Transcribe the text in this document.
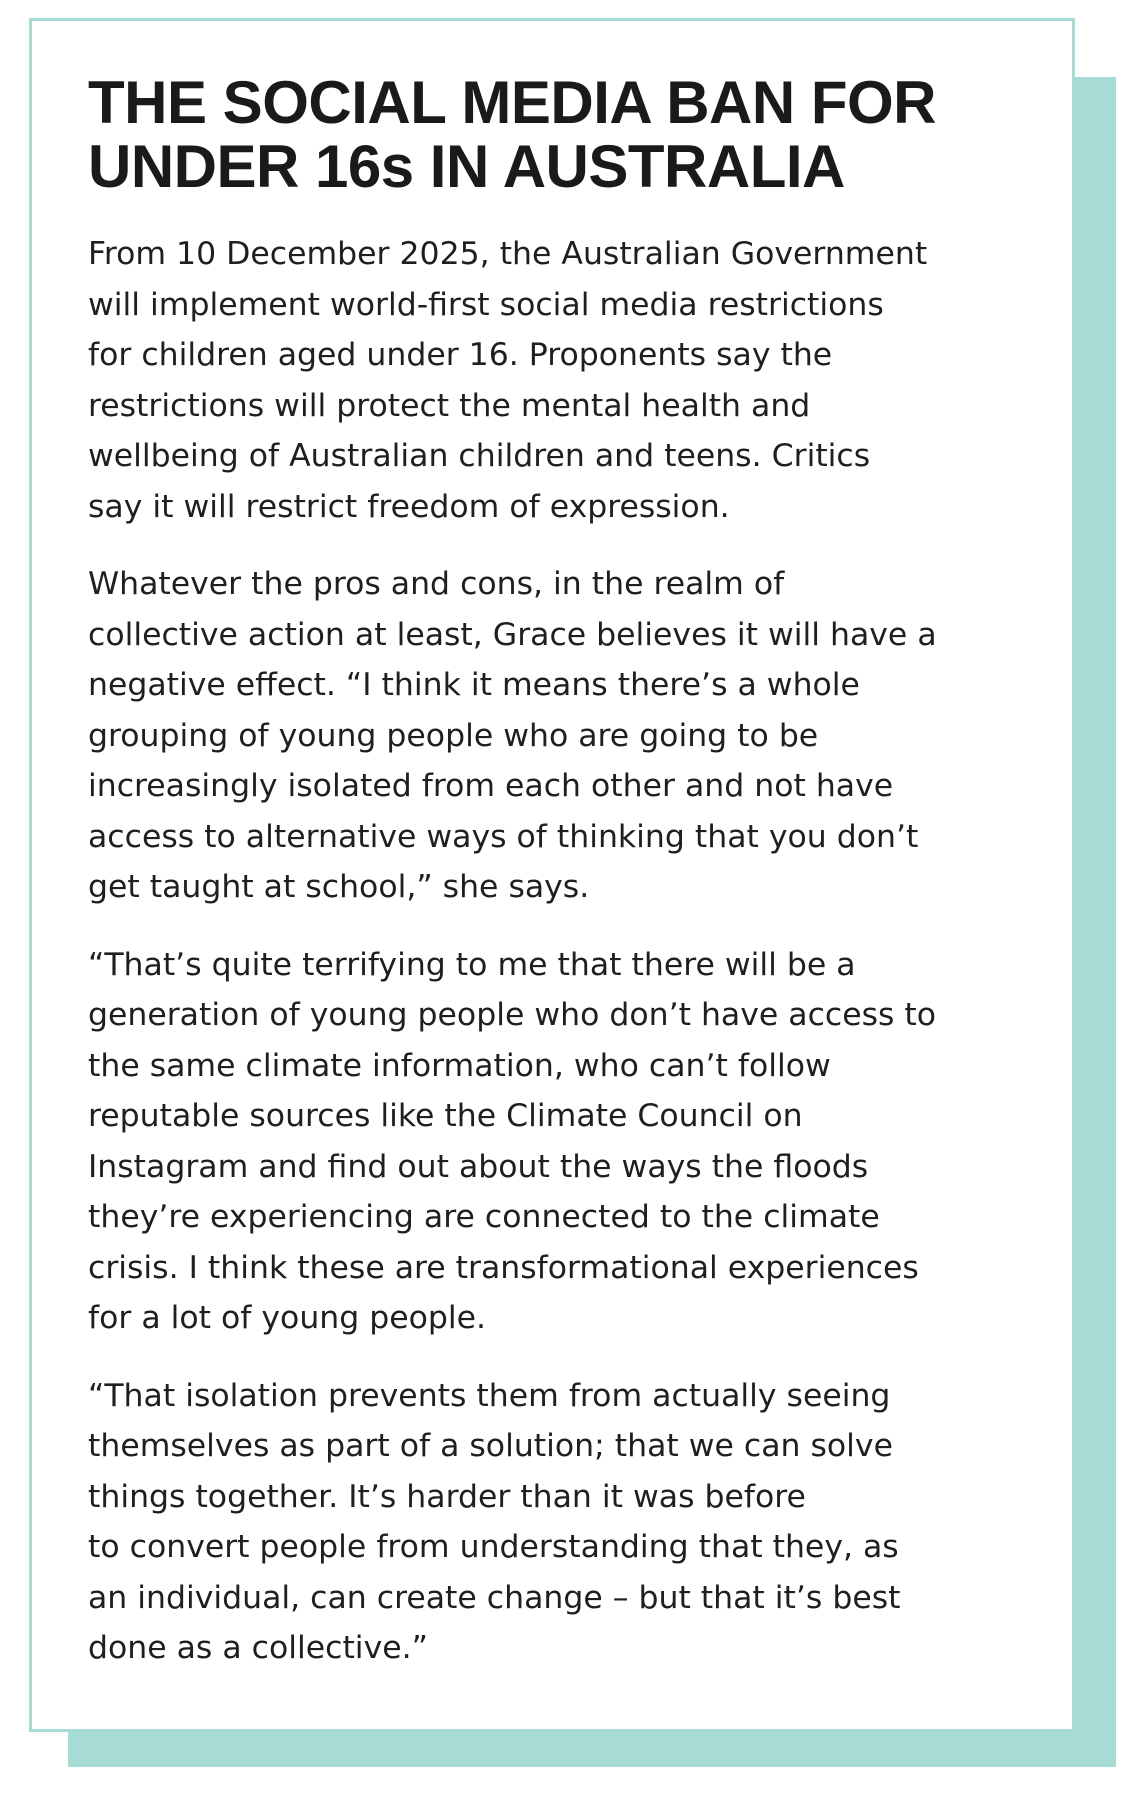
THE SOCIAL MEDIA BAN FOR
UNDER 16s IN AUSTRALIA

From 10 December 2025, the Australian Government
will implement world-first social media restrictions
for children aged under 16. Proponents say the
restrictions will protect the mental health and
wellbeing of Australian children and teens. Critics
say it will restrict freedom of expression.

Whatever the pros and cons, in the realm of
collective action at least, Grace believes it will have a
negative effect. “I think it means there’s a whole
grouping of young people who are going to be
increasingly isolated from each other and not have
access to alternative ways of thinking that you don’t
get taught at school,” she says.

“That’s quite terrifying to me that there will be a
generation of young people who don’t have access to
the same climate information, who can’t follow
reputable sources like the Climate Council on
Instagram and find out about the ways the floods
they’re experiencing are connected to the climate
crisis. I think these are transformational experiences
for a lot of young people.

“That isolation prevents them from actually seeing
themselves as part of a solution; that we can solve
things together. It’s harder than it was before
to convert people from understanding that they, as
an individual, can create change – but that it’s best
done as a collective.”
